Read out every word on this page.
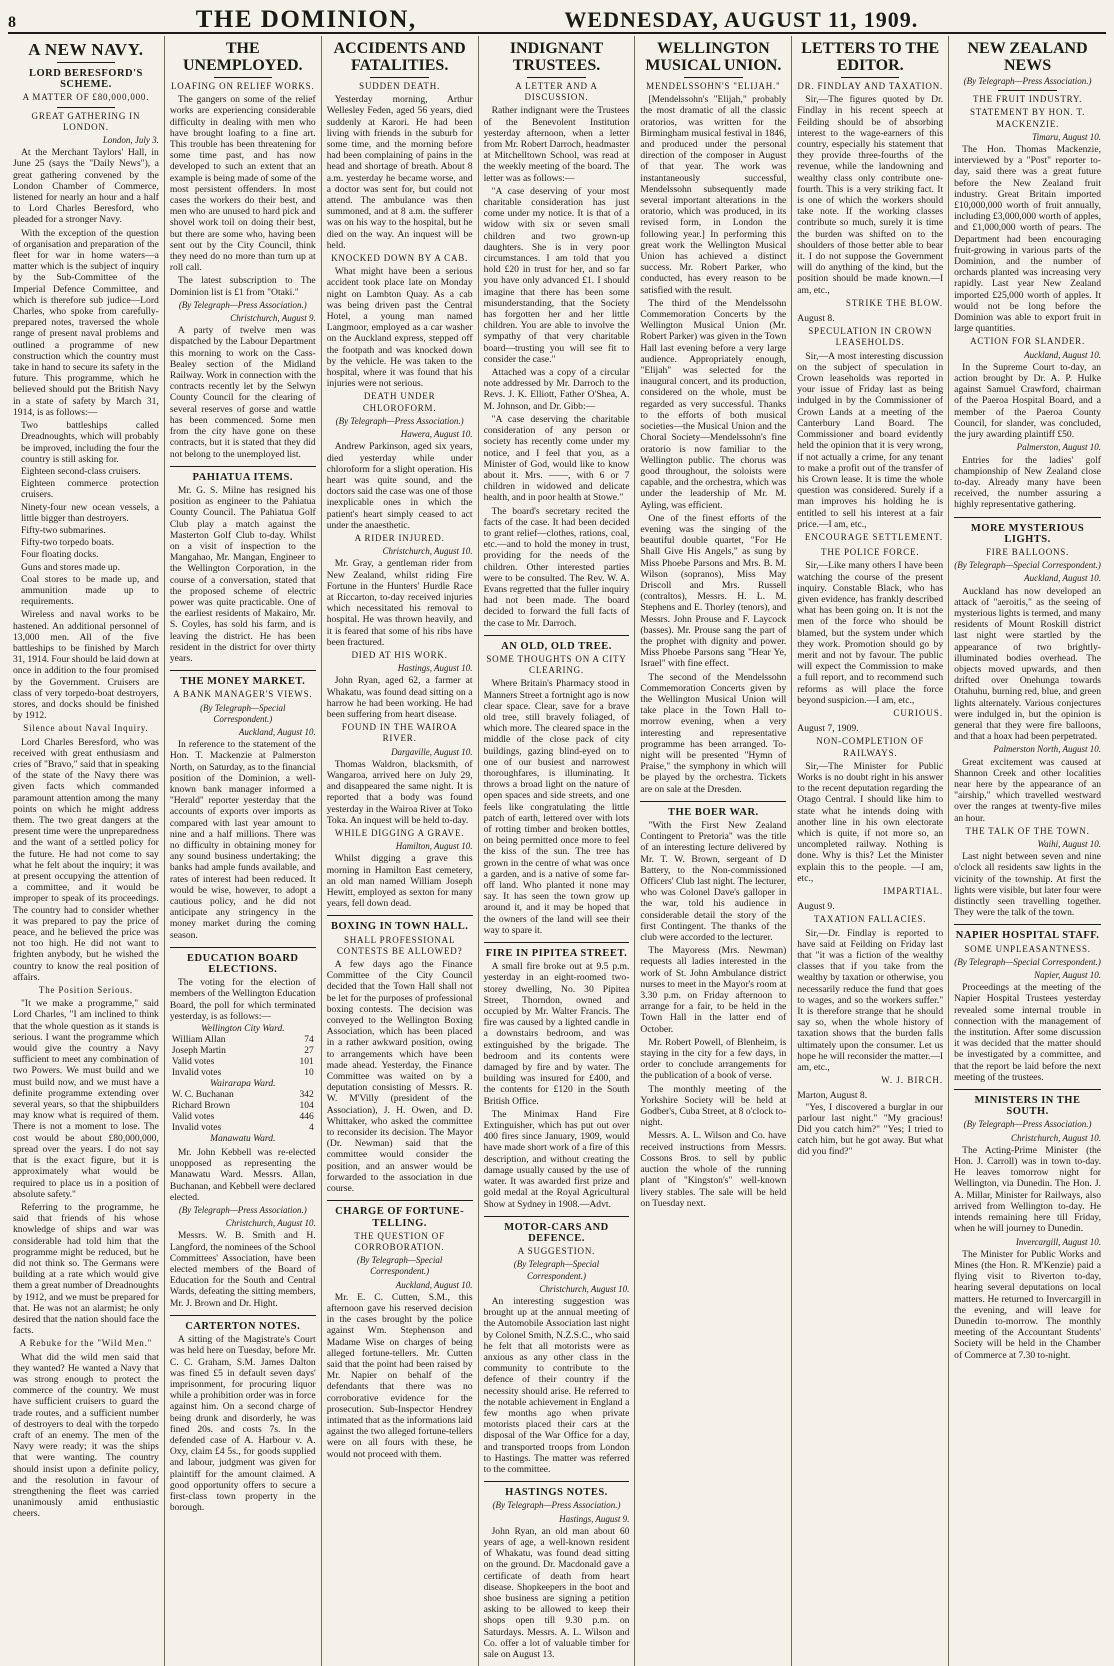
8	THE DOMINION,	WEDNESDAY, AUGUST 11, 1909.
A NEW NAVY.
LORD BERESFORD'S SCHEME.
A MATTER OF £80,000,000.
GREAT GATHERING IN LONDON.
London, July 3.

At the Merchant Taylors' Hall, in June 25 (says the "Daily News"), a great gathering convened by the London Chamber of Commerce, listened for nearly an hour and a half to Lord Charles Beresford, who pleaded for a stronger Navy.

With the exception of the question of organisation and preparation of the fleet for war in home waters—a matter which is the subject of inquiry by the Sub-Committee of the Imperial Defence Committee, and which is therefore sub judice—Lord Charles, who spoke from carefully-prepared notes, traversed the whole range of present naval problems and outlined a programme of new construction which the country must take in hand to secure its safety in the future. This programme, which he believed should put the British Navy in a state of safety by March 31, 1914, is as follows:—

Two battleships called Dreadnoughts, which will probably be improved, including the four the country is still asking for.
Eighteen second-class cruisers.
Eighteen commerce protection cruisers.
Ninety-four new ocean vessels, a little bigger than destroyers.
Fifty-two submarines.
Fifty-two torpedo boats.
Four floating docks.
Guns and stores made up.
Coal stores to be made up, and ammunition made up to requirements.

Wireless and naval works to be hastened. An additional personnel of 13,000 men. All of the five battleships to be finished by March 31, 1914. Four should be laid down at once in addition to the four promised by the Government. Cruisers are class of very torpedo-boat destroyers, stores, and docks should be finished by 1912.

Silence about Naval Inquiry.

Lord Charles Beresford, who was received with great enthusiasm and cries of "Bravo," said that in speaking of the state of the Navy there was given facts which commanded paramount attention among the many points on which he might address them. The two great dangers at the present time were the unpreparedness and the want of a settled policy for the future. He had not come to say what he felt about the inquiry; it was at present occupying the attention of a committee, and it would be improper to speak of its proceedings. The country had to consider whether it was prepared to pay the price of peace, and he believed the price was not too high. He did not want to frighten anybody, but he wished the country to know the real position of affairs.

The Position Serious.

"It we make a programme," said Lord Charles, "I am inclined to think that the whole question as it stands is serious. I want the programme which would give the country a Navy sufficient to meet any combination of two Powers. We must build and we must build now, and we must have a definite programme extending over several years, so that the shipbuilders may know what is required of them. There is not a moment to lose. The cost would be about £80,000,000, spread over the years. I do not say that is the exact figure, but it is approximately what would be required to place us in a position of absolute safety."

Referring to the programme, he said that friends of his whose knowledge of ships and war was considerable had told him that the programme might be reduced, but he did not think so. The Germans were building at a rate which would give them a great number of Dreadnoughts by 1912, and we must be prepared for that. He was not an alarmist; he only desired that the nation should face the facts.

A Rebuke for the "Wild Men."

What did the wild men said that they wanted? He wanted a Navy that was strong enough to protect the commerce of the country. We must have sufficient cruisers to guard the trade routes, and a sufficient number of destroyers to deal with the torpedo craft of an enemy. The men of the Navy were ready; it was the ships that were wanting. The country should insist upon a definite policy, and the resolution in favour of strengthening the fleet was carried unanimously amid enthusiastic cheers.

THE UNEMPLOYED.
LOAFING ON RELIEF WORKS.

The gangers on some of the relief works are experiencing considerable difficulty in dealing with men who have brought loafing to a fine art. This trouble has been threatening for some time past, and has now developed to such an extent that an example is being made of some of the most persistent offenders. In most cases the workers do their best, and men who are unused to hard pick and shovel work toil on doing their best, but there are some who, having been sent out by the City Council, think they need do no more than turn up at roll call.

The latest subscription to The Dominion list is £1 from "Otaki."

(By Telegraph—Press Association.)
Christchurch, August 9.

A party of twelve men was dispatched by the Labour Department this morning to work on the Cass-Bealey section of the Midland Railway. Work in connection with the contracts recently let by the Selwyn County Council for the clearing of several reserves of gorse and wattle has been commenced. Some men from the city have gone on these contracts, but it is stated that they did not belong to the unemployed list.

PAHIATUA ITEMS.

Mr. G. S. Milne has resigned his position as engineer to the Pahiatua County Council. The Pahiatua Golf Club play a match against the Masterton Golf Club to-day. Whilst on a visit of inspection to the Mangahao, Mr. Mangan, Engineer to the Wellington Corporation, in the course of a conversation, stated that the proposed scheme of electric power was quite practicable. One of the earliest residents of Makairo, Mr. S. Coyles, has sold his farm, and is leaving the district. He has been resident in the district for over thirty years.

THE MONEY MARKET.
A BANK MANAGER'S VIEWS.
(By Telegraph—Special Correspondent.)
Auckland, August 10.

In reference to the statement of the Hon. T. Mackenzie at Palmerston North, on Saturday, as to the financial position of the Dominion, a well-known bank manager informed a "Herald" reporter yesterday that the accounts of exports over imports as compared with last year amount to nine and a half millions. There was no difficulty in obtaining money for any sound business undertaking; the banks had ample funds available, and rates of interest had been reduced. It would be wise, however, to adopt a cautious policy, and he did not anticipate any stringency in the money market during the coming season.

EDUCATION BOARD ELECTIONS.

The voting for the election of members of the Wellington Education Board, the poll for which terminated yesterday, is as follows:—

Wellington City Ward.	
William Allan	74
Joseph Martin	27
Valid votes	101
Invalid votes	10
Wairarapa Ward.	
W. C. Buchanan	342
Richard Brown	104
Valid votes	446
Invalid votes	4
Manawatu Ward.	

Mr. John Kebbell was re-elected unopposed as representing the Manawatu Ward. Messrs. Allan, Buchanan, and Kebbell were declared elected.

(By Telegraph—Press Association.)
Christchurch, August 10.

Messrs. W. B. Smith and H. Langford, the nominees of the School Committees' Association, have been elected members of the Board of Education for the South and Central Wards, defeating the sitting members, Mr. J. Brown and Dr. Hight.

CARTERTON NOTES.

A sitting of the Magistrate's Court was held here on Tuesday, before Mr. C. C. Graham, S.M. James Dalton was fined £5 in default seven days' imprisonment, for procuring liquor while a prohibition order was in force against him. On a second charge of being drunk and disorderly, he was fined 20s. and costs 7s. In the defended case of A. Harbour v. A. Oxy, claim £4 5s., for goods supplied and labour, judgment was given for plaintiff for the amount claimed. A good opportunity offers to secure a first-class town property in the borough.

ACCIDENTS AND FATALITIES.
SUDDEN DEATH.

Yesterday morning, Arthur Wellesley Feden, aged 56 years, died suddenly at Karori. He had been living with friends in the suburb for some time, and the morning before had been complaining of pains in the head and shortage of breath. About 8 a.m. yesterday he became worse, and a doctor was sent for, but could not attend. The ambulance was then summoned, and at 8 a.m. the sufferer was on his way to the hospital, but he died on the way. An inquest will be held.

KNOCKED DOWN BY A CAB.

What might have been a serious accident took place late on Monday night on Lambton Quay. As a cab was being driven past the Central Hotel, a young man named Langmoor, employed as a car washer on the Auckland express, stepped off the footpath and was knocked down by the vehicle. He was taken to the hospital, where it was found that his injuries were not serious.

DEATH UNDER CHLOROFORM.
(By Telegraph—Press Association.)
Hawera, August 10.

Andrew Parkinson, aged six years, died yesterday while under chloroform for a slight operation. His heart was quite sound, and the doctors said the case was one of those inexplicable ones in which the patient's heart simply ceased to act under the anaesthetic.

A RIDER INJURED.
Christchurch, August 10.

Mr. Gray, a gentleman rider from New Zealand, whilst riding Fire Fortune in the Hunters' Hurdle Race at Riccarton, to-day received injuries which necessitated his removal to hospital. He was thrown heavily, and it is feared that some of his ribs have been fractured.

DIED AT HIS WORK.
Hastings, August 10.

John Ryan, aged 62, a farmer at Whakatu, was found dead sitting on a harrow he had been working. He had been suffering from heart disease.

FOUND IN THE WAIROA RIVER.
Dargaville, August 10.

Thomas Waldron, blacksmith, of Wangaroa, arrived here on July 29, and disappeared the same night. It is reported that a body was found yesterday in the Wairoa River at Toko Toka. An inquest will be held to-day.

WHILE DIGGING A GRAVE.
Hamilton, August 10.

Whilst digging a grave this morning in Hamilton East cemetery, an old man named William Joseph Hewitt, employed as sexton for many years, fell down dead.

BOXING IN TOWN HALL.
SHALL PROFESSIONAL CONTESTS BE ALLOWED?

A few days ago the Finance Committee of the City Council decided that the Town Hall shall not be let for the purposes of professional boxing contests. The decision was conveyed to the Wellington Boxing Association, which has been placed in a rather awkward position, owing to arrangements which have been made ahead. Yesterday, the Finance Committee was waited on by a deputation consisting of Messrs. R. W. M'Villy (president of the Association), J. H. Owen, and D. Whittaker, who asked the committee to reconsider its decision. The Mayor (Dr. Newman) said that the committee would consider the position, and an answer would be forwarded to the association in due course.

CHARGE OF FORTUNE-TELLING.
THE QUESTION OF CORROBORATION.
(By Telegraph—Special Correspondent.)
Auckland, August 10.

Mr. E. C. Cutten, S.M., this afternoon gave his reserved decision in the cases brought by the police against Wm. Stephenson and Madame Wise on charges of being alleged fortune-tellers. Mr. Cutten said that the point had been raised by Mr. Napier on behalf of the defendants that there was no corroborative evidence for the prosecution. Sub-Inspector Hendrey intimated that as the informations laid against the two alleged fortune-tellers were on all fours with these, he would not proceed with them.

INDIGNANT TRUSTEES.
A LETTER AND A DISCUSSION.

Rather indignant were the Trustees of the Benevolent Institution yesterday afternoon, when a letter from Mr. Robert Darroch, headmaster at Mitchelltown School, was read at the weekly meeting of the board. The letter was as follows:—

"A case deserving of your most charitable consideration has just come under my notice. It is that of a widow with six or seven small children and two grown-up daughters. She is in very poor circumstances. I am told that you hold £20 in trust for her, and so far you have only advanced £1. I should imagine that there has been some misunderstanding, that the Society has forgotten her and her little children. You are able to involve the sympathy of that very charitable board—trusting you will see fit to consider the case."

Attached was a copy of a circular note addressed by Mr. Darroch to the Revs. J. K. Elliott, Father O'Shea, A. M. Johnson, and Dr. Gibb:—

"A case deserving the charitable consideration of any person or society has recently come under my notice, and I feel that you, as a Minister of God, would like to know about it. Mrs. ——, with 6 or 7 children in widowed and delicate health, and in poor health at Stowe."

The board's secretary recited the facts of the case. It had been decided to grant relief—clothes, rations, coal, etc.—and to hold the money in trust, providing for the needs of the children. Other interested parties were to be consulted. The Rev. W. A. Evans regretted that the fuller inquiry had not been made. The board decided to forward the full facts of the case to Mr. Darroch.

AN OLD, OLD TREE.
SOME THOUGHTS ON A CITY CLEARING.

Where Britain's Pharmacy stood in Manners Street a fortnight ago is now clear space. Clear, save for a brave old tree, still bravely foliaged, of which more. The cleared space in the middle of the close pack of city buildings, gazing blind-eyed on to one of our busiest and narrowest thoroughfares, is illuminating. It throws a broad light on the nature of open spaces and side streets, and one feels like congratulating the little patch of earth, lettered over with lots of rotting timber and broken bottles, on being permitted once more to feel the kiss of the sun. The tree has grown in the centre of what was once a garden, and is a native of some far-off land. Who planted it none may say. It has seen the town grow up around it, and it may be hoped that the owners of the land will see their way to spare it.

FIRE IN PIPITEA STREET.

A small fire broke out at 9.5 p.m. yesterday in an eight-roomed two-storey dwelling, No. 30 Pipitea Street, Thorndon, owned and occupied by Mr. Walter Francis. The fire was caused by a lighted candle in a downstairs bedroom, and was extinguished by the brigade. The bedroom and its contents were damaged by fire and by water. The building was insured for £400, and the contents for £120 in the South British Office.

The Minimax Hand Fire Extinguisher, which has put out over 400 fires since January, 1909, would have made short work of a fire of this description, and without creating the damage usually caused by the use of water. It was awarded first prize and gold medal at the Royal Agricultural Show at Sydney in 1908.—Advt.

MOTOR-CARS AND DEFENCE.
A SUGGESTION.
(By Telegraph—Special Correspondent.)
Christchurch, August 10.

An interesting suggestion was brought up at the annual meeting of the Automobile Association last night by Colonel Smith, N.Z.S.C., who said he felt that all motorists were as anxious as any other class in the community to contribute to the defence of their country if the necessity should arise. He referred to the notable achievement in England a few months ago when private motorists placed their cars at the disposal of the War Office for a day, and transported troops from London to Hastings. The matter was referred to the committee.

HASTINGS NOTES.
(By Telegraph—Press Association.)
Hastings, August 9.

John Ryan, an old man about 60 years of age, a well-known resident of Whakatu, was found dead sitting on the ground. Dr. Macdonald gave a certificate of death from heart disease. Shopkeepers in the boot and shoe business are signing a petition asking to be allowed to keep their shops open till 9.30 p.m. on Saturdays. Messrs. A. L. Wilson and Co. offer a lot of valuable timber for sale on August 13.

WELLINGTON MUSICAL UNION.
MENDELSSOHN'S "ELIJAH."

[Mendelssohn's "Elijah," probably the most dramatic of all the classic oratorios, was written for the Birmingham musical festival in 1846, and produced under the personal direction of the composer in August of that year. The work was instantaneously successful, Mendelssohn subsequently made several important alterations in the oratorio, which was produced, in its revised form, in London the following year.] In performing this great work the Wellington Musical Union has achieved a distinct success. Mr. Robert Parker, who conducted, has every reason to be satisfied with the result.

The third of the Mendelssohn Commemoration Concerts by the Wellington Musical Union (Mr. Robert Parker) was given in the Town Hall last evening before a very large audience. Appropriately enough, "Elijah" was selected for the inaugural concert, and its production, considered on the whole, must be regarded as very successful. Thanks to the efforts of both musical societies—the Musical Union and the Choral Society—Mendelssohn's fine oratorio is now familiar to the Wellington public. The chorus was good throughout, the soloists were capable, and the orchestra, which was under the leadership of Mr. M. Ayling, was efficient.

One of the finest efforts of the evening was the singing of the beautiful double quartet, "For He Shall Give His Angels," as sung by Miss Phoebe Parsons and Mrs. B. M. Wilson (sopranos), Miss May Driscoll and Mrs. Russell (contraltos), Messrs. H. L. M. Stephens and E. Thorley (tenors), and Messrs. John Prouse and F. Laycock (basses). Mr. Prouse sang the part of the prophet with dignity and power. Miss Phoebe Parsons sang "Hear Ye, Israel" with fine effect.

The second of the Mendelssohn Commemoration Concerts given by the Wellington Musical Union will take place in the Town Hall to-morrow evening, when a very interesting and representative programme has been arranged. To-night will be presented "Hymn of Praise," the symphony in which will be played by the orchestra. Tickets are on sale at the Dresden.

THE BOER WAR.

"With the First New Zealand Contingent to Pretoria" was the title of an interesting lecture delivered by Mr. T. W. Brown, sergeant of D Battery, to the Non-commissioned Officers' Club last night. The lecturer, who was Colonel Dave's galloper in the war, told his audience in considerable detail the story of the first Contingent. The thanks of the club were accorded to the lecturer.

The Mayoress (Mrs. Newman) requests all ladies interested in the work of St. John Ambulance district nurses to meet in the Mayor's room at 3.30 p.m. on Friday afternoon to arrange for a fair, to be held in the Town Hall in the latter end of October.

Mr. Robert Powell, of Blenheim, is staying in the city for a few days, in order to conclude arrangements for the publication of a book of verse.

The monthly meeting of the Yorkshire Society will be held at Godber's, Cuba Street, at 8 o'clock to-night.

Messrs. A. L. Wilson and Co. have received instructions from Messrs. Cossons Bros. to sell by public auction the whole of the running plant of "Kingston's" well-known livery stables. The sale will be held on Tuesday next.

LETTERS TO THE EDITOR.
DR. FINDLAY AND TAXATION.

Sir,—The figures quoted by Dr. Findlay in his recent speech at Feilding should be of absorbing interest to the wage-earners of this country, especially his statement that they provide three-fourths of the revenue, while the landowning and wealthy class only contribute one-fourth. This is a very striking fact. It is one of which the workers should take note. If the working classes contribute so much, surely it is time the burden was shifted on to the shoulders of those better able to bear it. I do not suppose the Government will do anything of the kind, but the position should be made known.—I am, etc.,

STRIKE THE BLOW.
August 8.
SPECULATION IN CROWN LEASEHOLDS.

Sir,—A most interesting discussion on the subject of speculation in Crown leaseholds was reported in your issue of Friday last as being indulged in by the Commissioner of Crown Lands at a meeting of the Canterbury Land Board. The Commissioner and board evidently held the opinion that it is very wrong, if not actually a crime, for any tenant to make a profit out of the transfer of his Crown lease. It is time the whole question was considered. Surely if a man improves his holding he is entitled to sell his interest at a fair price.—I am, etc.,

ENCOURAGE SETTLEMENT.
THE POLICE FORCE.

Sir,—Like many others I have been watching the course of the present inquiry. Constable Black, who has given evidence, has frankly described what has been going on. It is not the men of the force who should be blamed, but the system under which they work. Promotion should go by merit and not by favour. The public will expect the Commission to make a full report, and to recommend such reforms as will place the force beyond suspicion.—I am, etc.,

CURIOUS.
August 7, 1909.
NON-COMPLETION OF RAILWAYS.

Sir,—The Minister for Public Works is no doubt right in his answer to the recent deputation regarding the Otago Central. I should like him to state what he intends doing with another line in his own electorate which is quite, if not more so, an uncompleted railway. Nothing is done. Why is this? Let the Minister explain this to the people. —I am, etc.,

IMPARTIAL.
August 9.
TAXATION FALLACIES.

Sir,—Dr. Findlay is reported to have said at Feilding on Friday last that "it was a fiction of the wealthy classes that if you take from the wealthy by taxation or otherwise, you necessarily reduce the fund that goes to wages, and so the workers suffer." It is therefore strange that he should say so, when the whole history of taxation shows that the burden falls ultimately upon the consumer. Let us hope he will reconsider the matter.—I am, etc.,

W. J. BIRCH.
Marton, August 8.

"Yes, I discovered a burglar in our parlour last night." "My gracious! Did you catch him?" "Yes; I tried to catch him, but he got away. But what did you find?"

NEW ZEALAND NEWS
(By Telegraph—Press Association.)
THE FRUIT INDUSTRY.
STATEMENT BY HON. T. MACKENZIE.
Timaru, August 10.

The Hon. Thomas Mackenzie, interviewed by a "Post" reporter to-day, said there was a great future before the New Zealand fruit industry. Great Britain imported £10,000,000 worth of fruit annually, including £3,000,000 worth of apples, and £1,000,000 worth of pears. The Department had been encouraging fruit-growing in various parts of the Dominion, and the number of orchards planted was increasing very rapidly. Last year New Zealand imported £25,000 worth of apples. It would not be long before the Dominion was able to export fruit in large quantities.

ACTION FOR SLANDER.
Auckland, August 10.

In the Supreme Court to-day, an action brought by Dr. A. P. Hulke against Samuel Crawford, chairman of the Paeroa Hospital Board, and a member of the Paeroa County Council, for slander, was concluded, the jury awarding plaintiff £50.

Palmerston, August 10.

Entries for the ladies' golf championship of New Zealand close to-day. Already many have been received, the number assuring a highly representative gathering.

MORE MYSTERIOUS LIGHTS.
FIRE BALLOONS.
(By Telegraph—Special Correspondent.)
Auckland, August 10.

Auckland has now developed an attack of "aeroitis," as the seeing of mysterious lights is termed, and many residents of Mount Roskill district last night were startled by the appearance of two brightly-illuminated bodies overhead. The objects moved upwards, and then drifted over Onehunga towards Otahuhu, burning red, blue, and green lights alternately. Various conjectures were indulged in, but the opinion is general that they were fire balloons, and that a hoax had been perpetrated.

Palmerston North, August 10.

Great excitement was caused at Shannon Creek and other localities near here by the appearance of an "airship," which travelled westward over the ranges at twenty-five miles an hour.

THE TALK OF THE TOWN.
Waihi, August 10.

Last night between seven and nine o'clock all residents saw lights in the vicinity of the township. At first the lights were visible, but later four were distinctly seen travelling together. They were the talk of the town.

NAPIER HOSPITAL STAFF.
SOME UNPLEASANTNESS.
(By Telegraph—Special Correspondent.)
Napier, August 10.

Proceedings at the meeting of the Napier Hospital Trustees yesterday revealed some internal trouble in connection with the management of the institution. After some discussion it was decided that the matter should be investigated by a committee, and that the report be laid before the next meeting of the trustees.

MINISTERS IN THE SOUTH.
(By Telegraph—Press Association.)
Christchurch, August 10.

The Acting-Prime Minister (the Hon. J. Carroll) was in town to-day. He leaves tomorrow night for Wellington, via Dunedin. The Hon. J. A. Millar, Minister for Railways, also arrived from Wellington to-day. He intends remaining here till Friday, when he will journey to Dunedin.

Invercargill, August 10.

The Minister for Public Works and Mines (the Hon. R. M'Kenzie) paid a flying visit to Riverton to-day, hearing several deputations on local matters. He returned to Invercargill in the evening, and will leave for Dunedin to-morrow. The monthly meeting of the Accountant Students' Society will be held in the Chamber of Commerce at 7.30 to-night.
